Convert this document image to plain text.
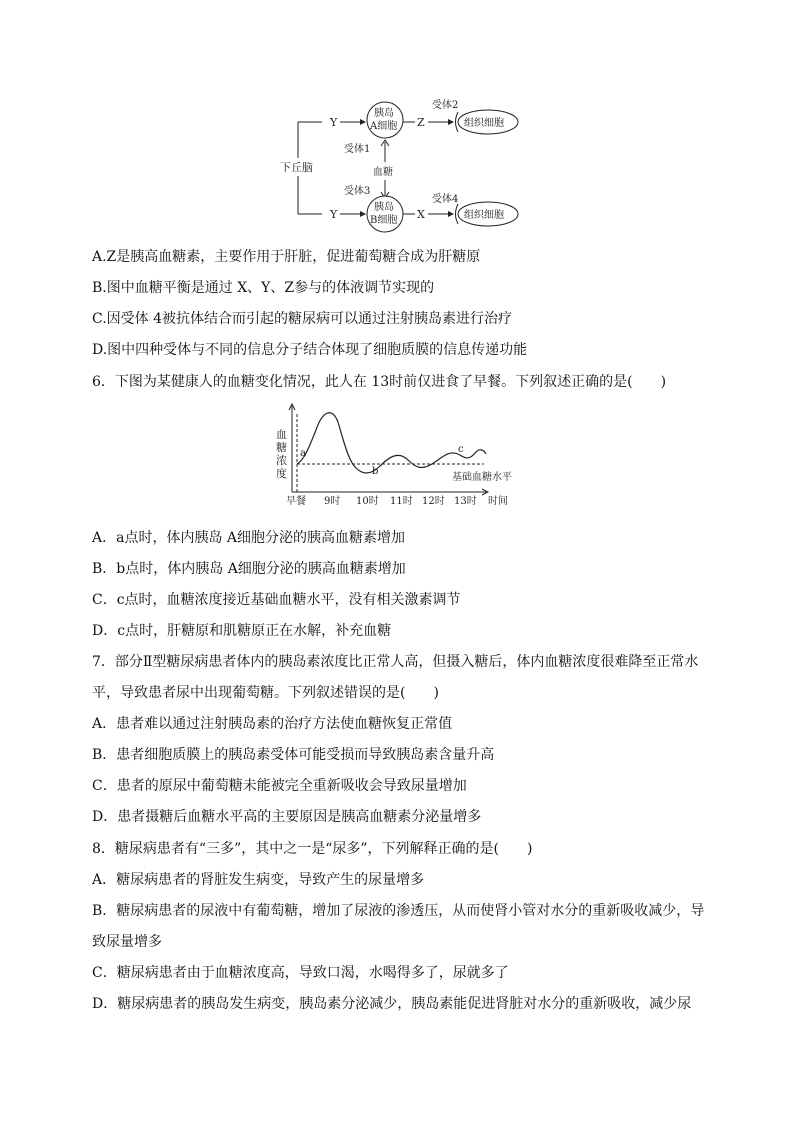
下丘脑
Y
胰岛
A细胞 Z
受体2
组织细胞
受体1
血糖
受体3
Y
胰岛
B细胞 X
受体4
组织细胞
A.Z是胰高血糖素，主要作用于肝脏，促进葡萄糖合成为肝糖原
B.图中血糖平衡是通过 X、Y、Z参与的体液调节实现的
C.因受体 4被抗体结合而引起的糖尿病可以通过注射胰岛素进行治疗
D.图中四种受体与不同的信息分子结合体现了细胞质膜的信息传递功能
6．下图为某健康人的血糖变化情况，此人在 13时前仅进食了早餐。下列叙述正确的是(　　)
血
糖
浓
度
a
b
c
基础血糖水平
早餐 9时 10时 11时 12时 13时 时间
A．a点时，体内胰岛 A细胞分泌的胰高血糖素增加
B．b点时，体内胰岛 A细胞分泌的胰高血糖素增加
C．c点时，血糖浓度接近基础血糖水平，没有相关激素调节
D．c点时，肝糖原和肌糖原正在水解，补充血糖
7．部分Ⅱ型糖尿病患者体内的胰岛素浓度比正常人高，但摄入糖后，体内血糖浓度很难降至正常水
平，导致患者尿中出现葡萄糖。下列叙述错误的是(　　)
A．患者难以通过注射胰岛素的治疗方法使血糖恢复正常值
B．患者细胞质膜上的胰岛素受体可能受损而导致胰岛素含量升高
C．患者的原尿中葡萄糖未能被完全重新吸收会导致尿量增加
D．患者摄糖后血糖水平高的主要原因是胰高血糖素分泌量增多
8．糖尿病患者有“三多”，其中之一是“尿多”，下列解释正确的是(　　)
A．糖尿病患者的肾脏发生病变，导致产生的尿量增多
B．糖尿病患者的尿液中有葡萄糖，增加了尿液的渗透压，从而使肾小管对水分的重新吸收减少，导
致尿量增多
C．糖尿病患者由于血糖浓度高，导致口渴，水喝得多了，尿就多了
D．糖尿病患者的胰岛发生病变，胰岛素分泌减少，胰岛素能促进肾脏对水分的重新吸收，减少尿
